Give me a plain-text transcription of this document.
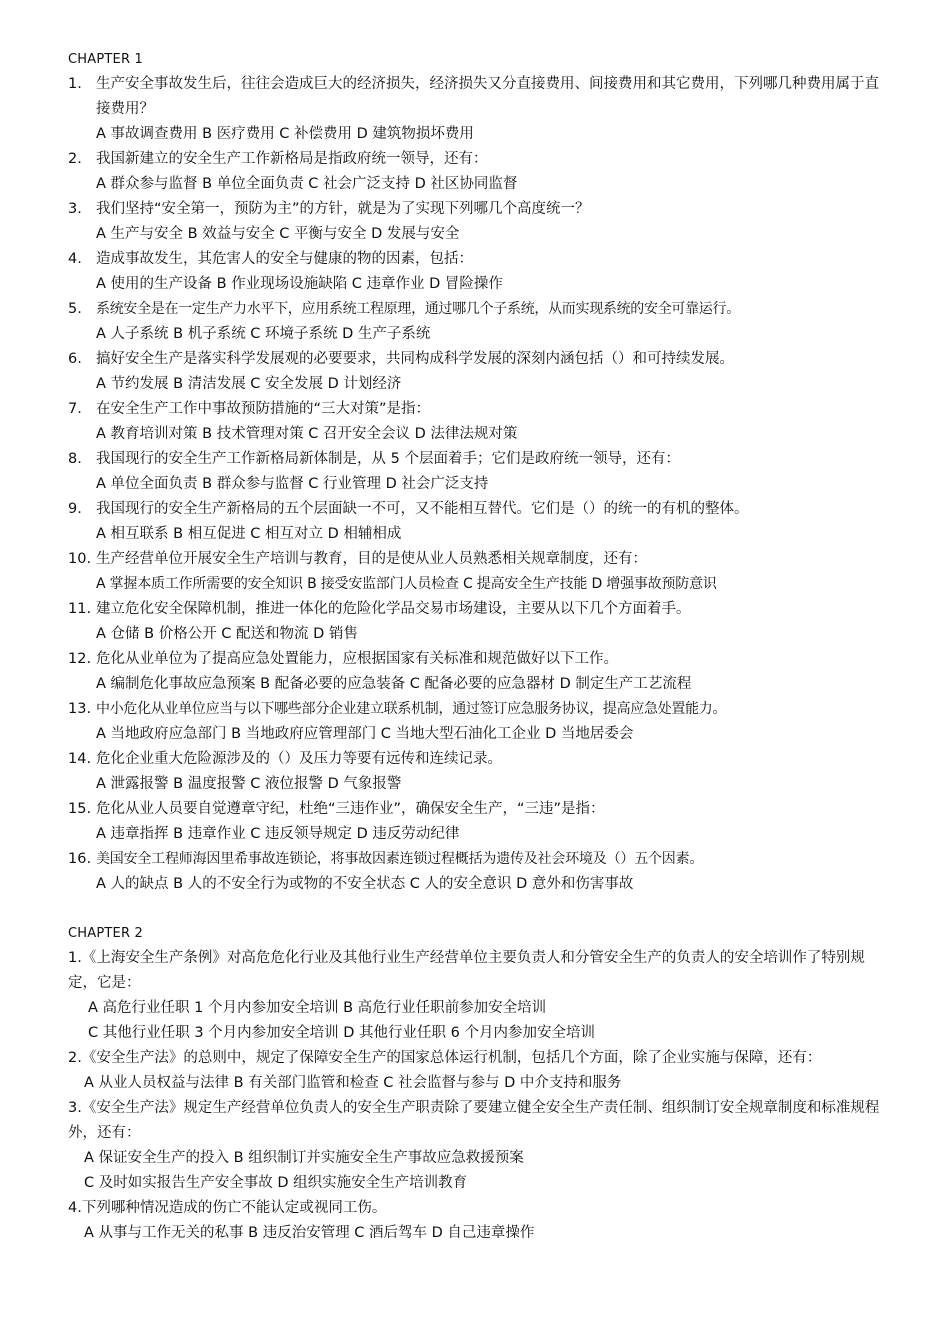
CHAPTER 1
1. 生产安全事故发生后，往往会造成巨大的经济损失，经济损失又分直接费用、间接费用和其它费用，下列哪几种费用属于直接费用？
A 事故调查费用 B 医疗费用 C 补偿费用 D 建筑物损坏费用
2. 我国新建立的安全生产工作新格局是指政府统一领导，还有：
A 群众参与监督 B 单位全面负责 C 社会广泛支持 D 社区协同监督
3. 我们坚持“安全第一，预防为主”的方针，就是为了实现下列哪几个高度统一？
A 生产与安全 B 效益与安全 C 平衡与安全 D 发展与安全
4. 造成事故发生，其危害人的安全与健康的物的因素，包括：
A 使用的生产设备 B 作业现场设施缺陷 C 违章作业 D 冒险操作
5.	系统安全是在一定生产力水平下，应用系统工程原理，通过哪几个子系统，从而实现系统的安全可靠运行。
A 人子系统 B 机子系统 C 环境子系统 D 生产子系统
6. 搞好安全生产是落实科学发展观的必要要求，共同构成科学发展的深刻内涵包括（）和可持续发展。
A 节约发展 B 清洁发展 C 安全发展 D 计划经济
7. 在安全生产工作中事故预防措施的“三大对策”是指：
A 教育培训对策 B 技术管理对策 C 召开安全会议 D 法律法规对策
8. 我国现行的安全生产工作新格局新体制是，从 5 个层面着手；它们是政府统一领导，还有：
A 单位全面负责 B 群众参与监督 C 行业管理 D 社会广泛支持
9. 我国现行的安全生产新格局的五个层面缺一不可，又不能相互替代。它们是（）的统一的有机的整体。
A 相互联系 B 相互促进 C 相互对立 D 相辅相成
10. 生产经营单位开展安全生产培训与教育，目的是使从业人员熟悉相关规章制度，还有：
A 掌握本质工作所需要的安全知识 B 接受安监部门人员检查 C 提高安全生产技能 D 增强事故预防意识
11. 建立危化安全保障机制，推进一体化的危险化学品交易市场建设，主要从以下几个方面着手。
A 仓储 B 价格公开 C 配送和物流 D 销售
12. 危化从业单位为了提高应急处置能力，应根据国家有关标准和规范做好以下工作。
A 编制危化事故应急预案 B 配备必要的应急装备 C 配备必要的应急器材 D 制定生产工艺流程
13. 中小危化从业单位应当与以下哪些部分企业建立联系机制，通过签订应急服务协议，提高应急处置能力。
A 当地政府应急部门 B 当地政府应管理部门 C 当地大型石油化工企业 D 当地居委会
14. 危化企业重大危险源涉及的（）及压力等要有远传和连续记录。
A 泄露报警 B 温度报警 C 液位报警 D 气象报警
15. 危化从业人员要自觉遵章守纪，杜绝“三违作业”，确保安全生产，“三违”是指：
A 违章指挥 B 违章作业 C 违反领导规定 D 违反劳动纪律
16. 美国安全工程师海因里希事故连锁论，将事故因素连锁过程概括为遗传及社会环境及（）五个因素。
A 人的缺点 B 人的不安全行为或物的不安全状态 C 人的安全意识 D 意外和伤害事故
CHAPTER 2
1.《上海安全生产条例》对高危危化行业及其他行业生产经营单位主要负责人和分管安全生产的负责人的安全培训作了特别规定，它是：
A 高危行业任职 1 个月内参加安全培训 B 高危行业任职前参加安全培训
C 其他行业任职 3 个月内参加安全培训 D 其他行业任职 6 个月内参加安全培训
2.《安全生产法》的总则中，规定了保障安全生产的国家总体运行机制，包括几个方面，除了企业实施与保障，还有：
A 从业人员权益与法律 B 有关部门监管和检查 C 社会监督与参与 D 中介支持和服务
3.《安全生产法》规定生产经营单位负责人的安全生产职责除了要建立健全安全生产责任制、组织制订安全规章制度和标准规程外，还有：
A 保证安全生产的投入 B 组织制订并实施安全生产事故应急救援预案
C 及时如实报告生产安全事故 D 组织实施安全生产培训教育
4.下列哪种情况造成的伤亡不能认定或视同工伤。
A 从事与工作无关的私事 B 违反治安管理 C 酒后驾车 D 自己违章操作
